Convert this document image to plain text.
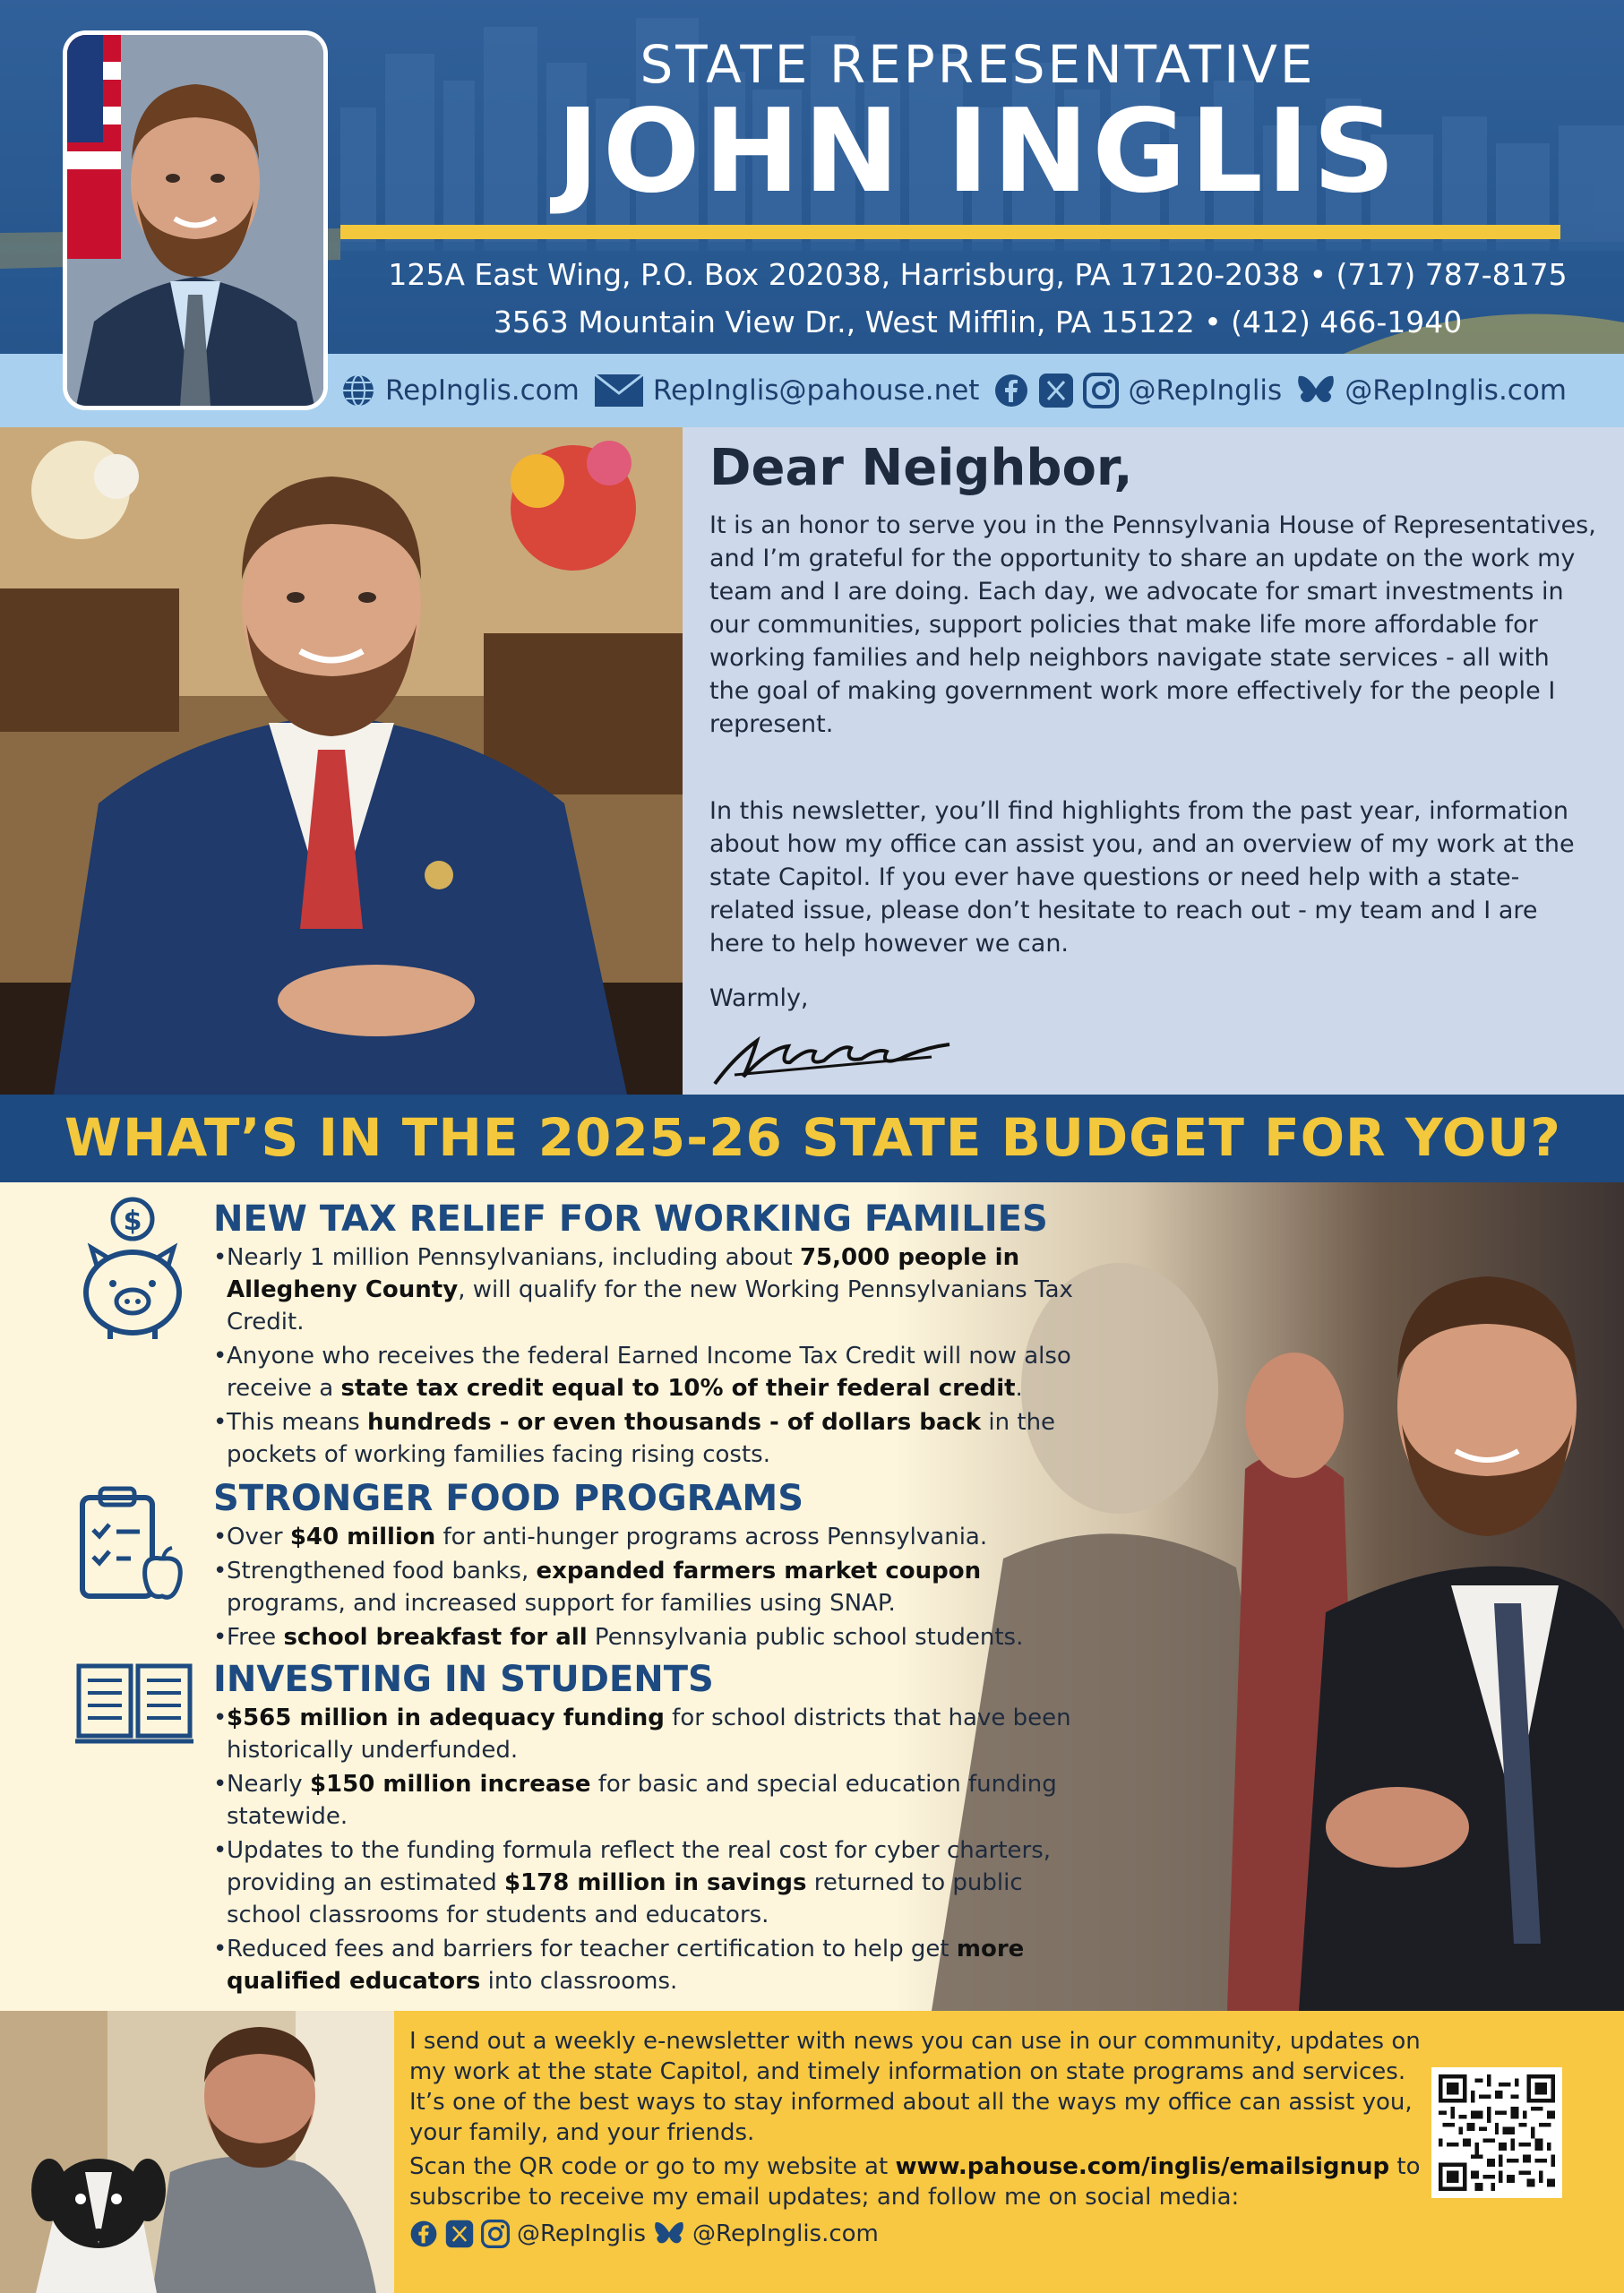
STATE REPRESENTATIVE
JOHN INGLIS
125A East Wing, P.O. Box 202038, Harrisburg, PA 17120-2038 • (717) 787-8175
3563 Mountain View Dr., West Mifflin, PA 15122 • (412) 466-1940
RepInglis.com	RepInglis@pahouse.net	@RepInglis @RepInglis.com
Dear Neighbor,

It is an honor to serve you in the Pennsylvania House of Representatives, and I’m grateful for the opportunity to share an update on the work my team and I are doing. Each day, we advocate for smart investments in our communities, support policies that make life more affordable for working families and help neighbors navigate state services - all with the goal of making government work more effectively for the people I represent.

In this newsletter, you’ll find highlights from the past year, information about how my office can assist you, and an overview of my work at the state Capitol. If you ever have questions or need help with a state-related issue, please don’t hesitate to reach out - my team and I are here to help however we can.

Warmly,
WHAT’S IN THE 2025-26 STATE BUDGET FOR YOU?
$ NEW TAX RELIEF FOR WORKING FAMILIES
• Nearly 1 million Pennsylvanians, including about 75,000 people in Allegheny County, will qualify for the new Working Pennsylvanians Tax Credit.
• Anyone who receives the federal Earned Income Tax Credit will now also receive a state tax credit equal to 10% of their federal credit.
• This means hundreds - or even thousands - of dollars back in the pockets of working families facing rising costs.
STRONGER FOOD PROGRAMS
• Over $40 million for anti-hunger programs across Pennsylvania.
• Strengthened food banks, expanded farmers market coupon programs, and increased support for families using SNAP.
• Free school breakfast for all Pennsylvania public school students.
INVESTING IN STUDENTS
• $565 million in adequacy funding for school districts that have been historically underfunded.
• Nearly $150 million increase for basic and special education funding statewide.
• Updates to the funding formula reflect the real cost for cyber charters, providing an estimated $178 million in savings returned to public school classrooms for students and educators.
• Reduced fees and barriers for teacher certification to help get more qualified educators into classrooms.

I send out a weekly e-newsletter with news you can use in our community, updates on my work at the state Capitol, and timely information on state programs and services. It’s one of the best ways to stay informed about all the ways my office can assist you, your family, and your friends.

Scan the QR code or go to my website at www.pahouse.com/inglis/emailsignup to subscribe to receive my email updates; and follow me on social media:

@RepInglis @RepInglis.com
